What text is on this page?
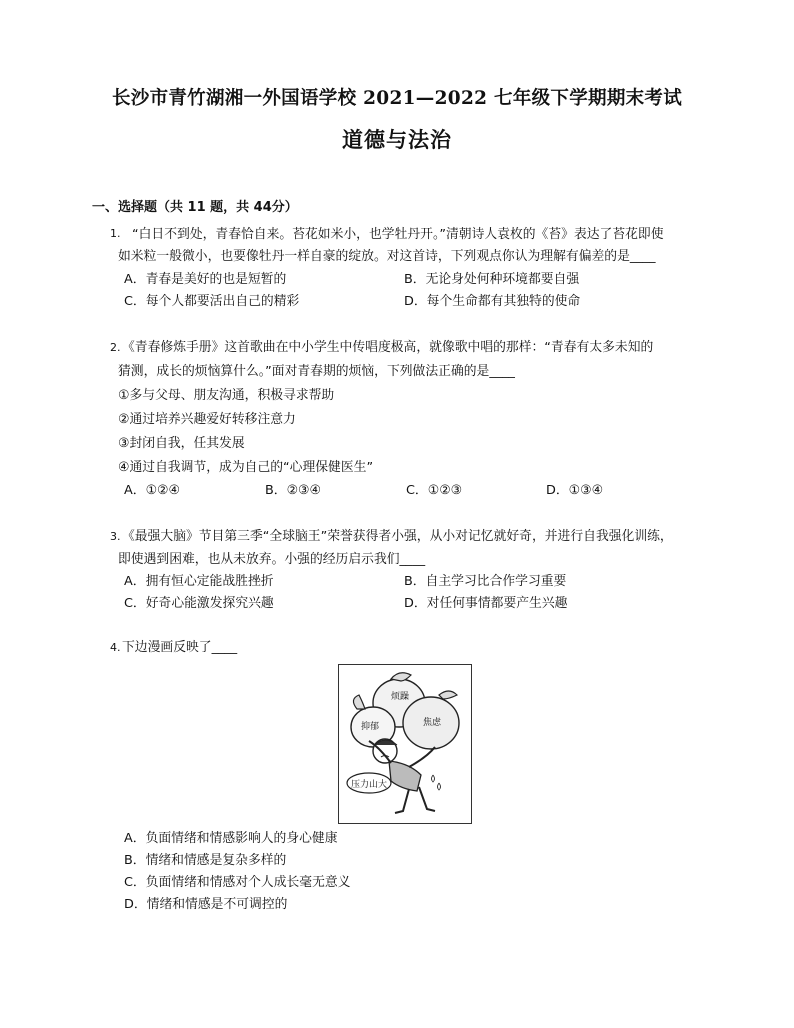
长沙市青竹湖湘一外国语学校 2021—2022 七年级下学期期末考试
道德与法治
一、选择题（共 11 题，共 44分）
1. “白日不到处，青春恰自来。苔花如米小，也学牡丹开。”清朝诗人袁枚的《苔》表达了苔花即使
如米粒一般微小，也要像牡丹一样自豪的绽放。对这首诗，下列观点你认为理解有偏差的是____
A．青春是美好的也是短暂的	B．无论身处何种环境都要自强
C．每个人都要活出自己的精彩	D．每个生命都有其独特的使命
2. 《青春修炼手册》这首歌曲在中小学生中传唱度极高，就像歌中唱的那样：“青春有太多未知的
猜测，成长的烦恼算什么。”面对青春期的烦恼，下列做法正确的是____
①多与父母、朋友沟通，积极寻求帮助
②通过培养兴趣爱好转移注意力
③封闭自我，任其发展
④通过自我调节，成为自己的“心理保健医生”
A．①②④	B．②③④	C．①②③	D．①③④
3. 《最强大脑》节目第三季“全球脑王”荣誉获得者小强，从小对记忆就好奇，并进行自我强化训练，
即使遇到困难，也从未放弃。小强的经历启示我们____
A．拥有恒心定能战胜挫折	B．自主学习比合作学习重要
C．好奇心能激发探究兴趣	D．对任何事情都要产生兴趣
4. 下边漫画反映了____
烦躁
抑郁	焦虑
压力山大
A．负面情绪和情感影响人的身心健康
B．情绪和情感是复杂多样的
C．负面情绪和情感对个人成长毫无意义
D．情绪和情感是不可调控的
